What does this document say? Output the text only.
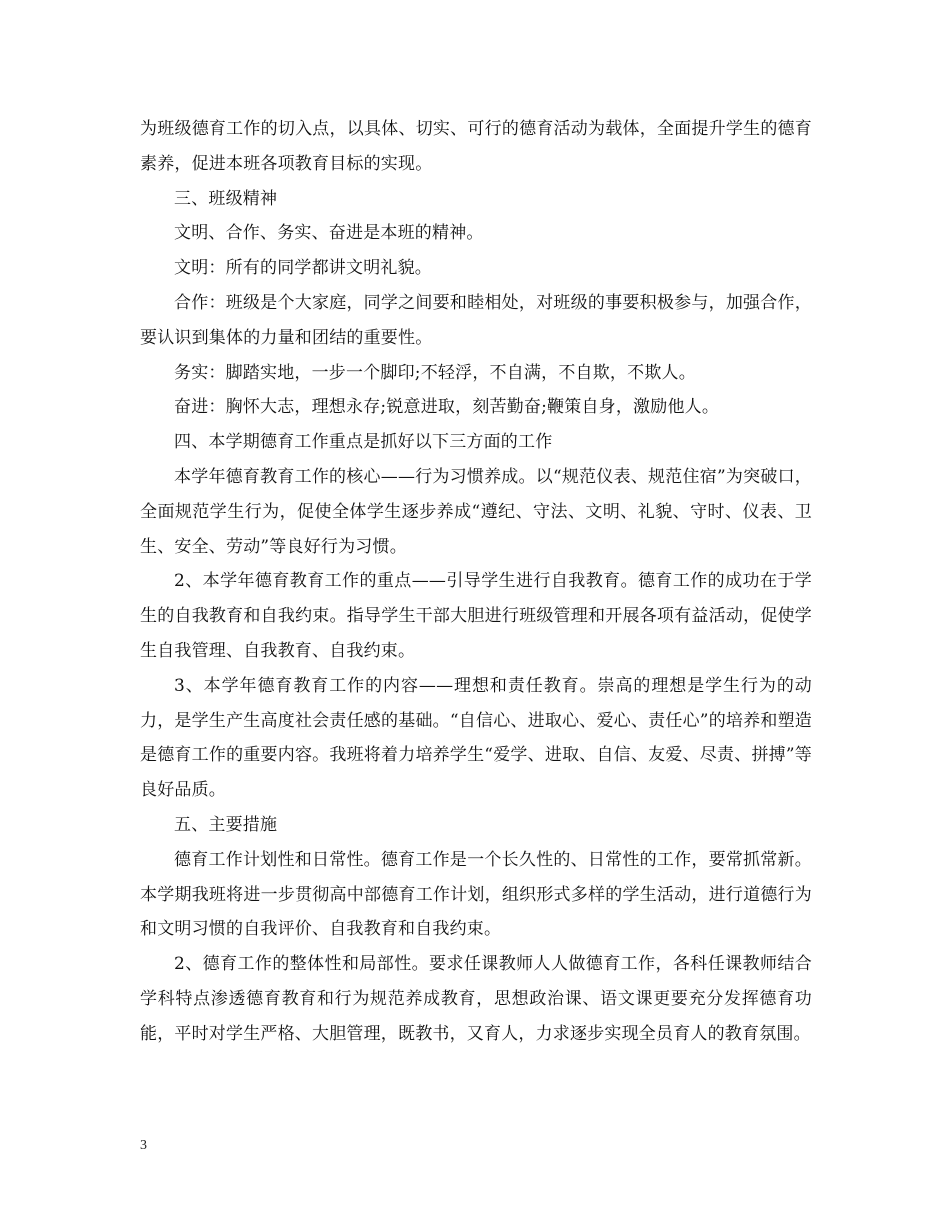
为班级德育工作的切入点，以具体、切实、可行的德育活动为载体，全面提升学生的德育素养，促进本班各项教育目标的实现。

三、班级精神

文明、合作、务实、奋进是本班的精神。

文明：所有的同学都讲文明礼貌。

合作：班级是个大家庭，同学之间要和睦相处，对班级的事要积极参与，加强合作，要认识到集体的力量和团结的重要性。

务实：脚踏实地，一步一个脚印;不轻浮，不自满，不自欺，不欺人。

奋进：胸怀大志，理想永存;锐意进取，刻苦勤奋;鞭策自身，激励他人。

四、本学期德育工作重点是抓好以下三方面的工作

本学年德育教育工作的核心——行为习惯养成。以“规范仪表、规范住宿”为突破口，全面规范学生行为，促使全体学生逐步养成“遵纪、守法、文明、礼貌、守时、仪表、卫生、安全、劳动”等良好行为习惯。

2、本学年德育教育工作的重点——引导学生进行自我教育。德育工作的成功在于学生的自我教育和自我约束。指导学生干部大胆进行班级管理和开展各项有益活动，促使学生自我管理、自我教育、自我约束。

3、本学年德育教育工作的内容——理想和责任教育。崇高的理想是学生行为的动力，是学生产生高度社会责任感的基础。“自信心、进取心、爱心、责任心”的培养和塑造是德育工作的重要内容。我班将着力培养学生“爱学、进取、自信、友爱、尽责、拼搏”等良好品质。

五、主要措施

德育工作计划性和日常性。德育工作是一个长久性的、日常性的工作，要常抓常新。本学期我班将进一步贯彻高中部德育工作计划，组织形式多样的学生活动，进行道德行为和文明习惯的自我评价、自我教育和自我约束。

2、德育工作的整体性和局部性。要求任课教师人人做德育工作，各科任课教师结合学科特点渗透德育教育和行为规范养成教育，思想政治课、语文课更要充分发挥德育功能，平时对学生严格、大胆管理，既教书，又育人，力求逐步实现全员育人的教育氛围。

3
